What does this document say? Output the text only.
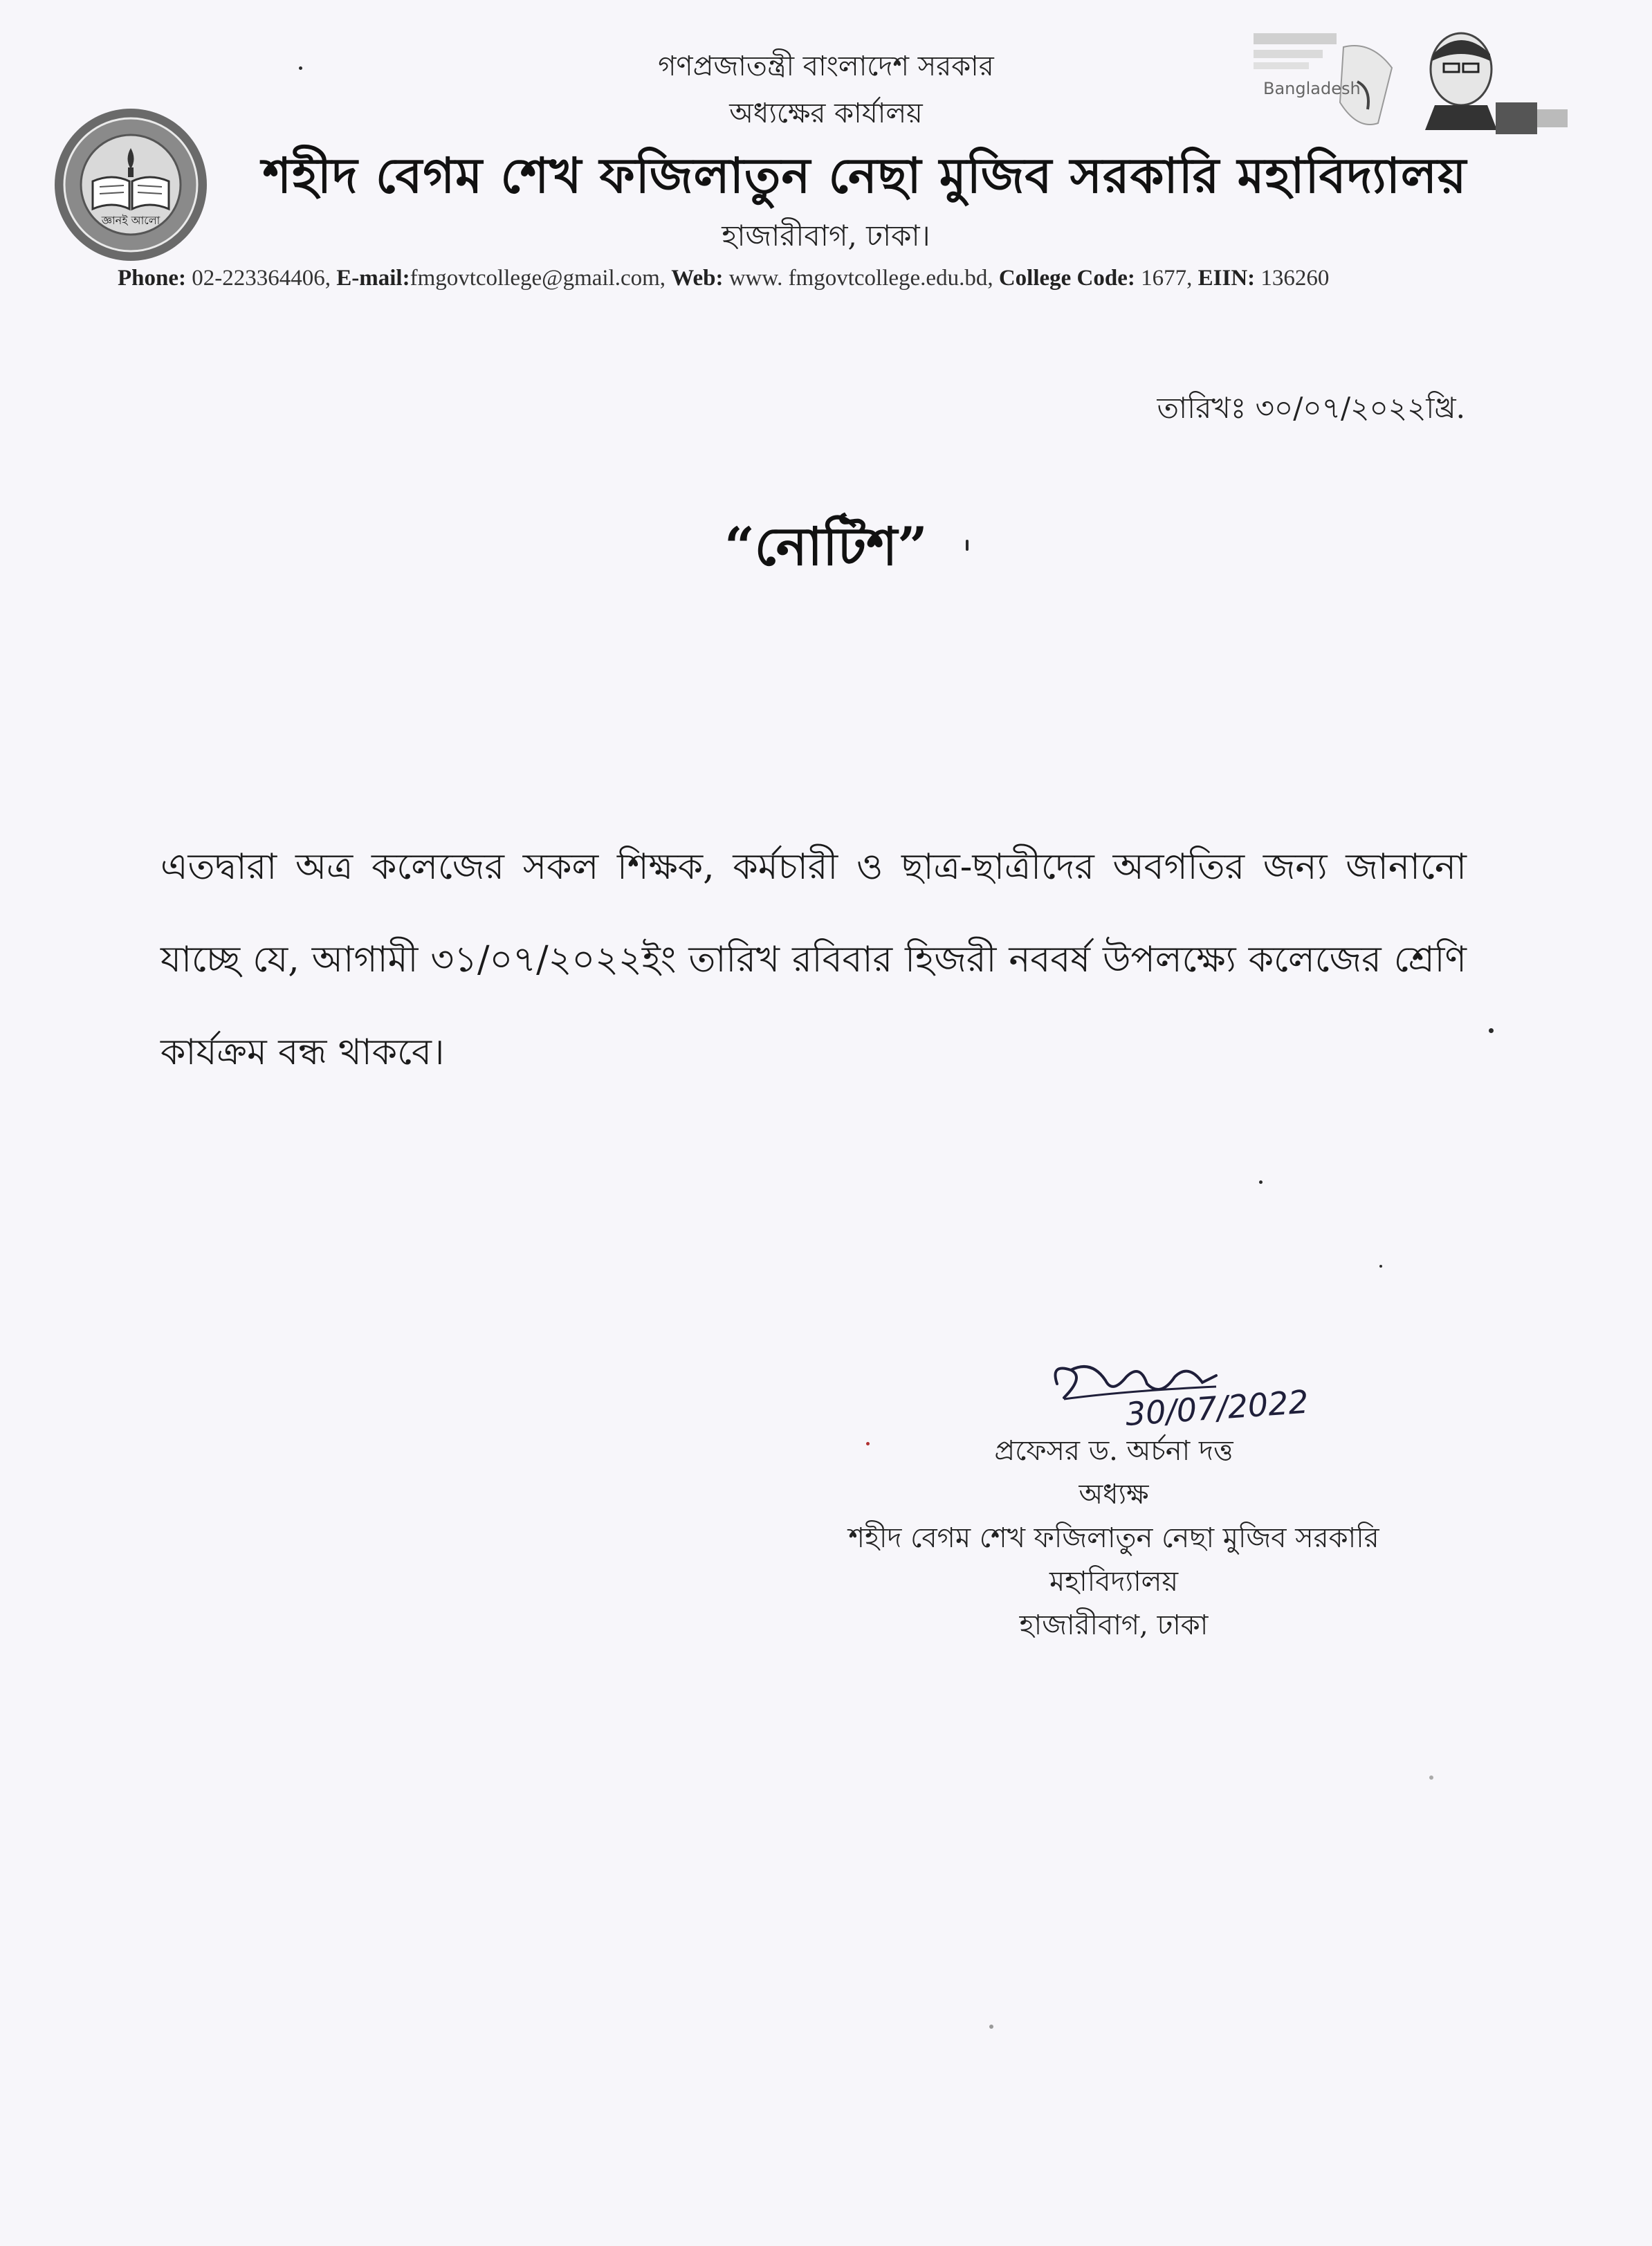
জ্ঞানই আলো
Bangladesh
গণপ্রজাতন্ত্রী বাংলাদেশ সরকার
অধ্যক্ষের কার্যালয়
শহীদ বেগম শেখ ফজিলাতুন নেছা মুজিব সরকারি মহাবিদ্যালয়
হাজারীবাগ, ঢাকা।
Phone: 02-223364406, E-mail:fmgovtcollege@gmail.com, Web: www. fmgovtcollege.edu.bd, College Code: 1677, EIIN: 136260
তারিখঃ ৩০/০৭/২০২২খ্রি.
“নোটিশ”
এতদ্বারা অত্র কলেজের সকল শিক্ষক, কর্মচারী ও ছাত্র-ছাত্রীদের অবগতির জন্য জানানো যাচ্ছে যে, আগামী ৩১/০৭/২০২২ইং তারিখ রবিবার হিজরী নববর্ষ উপলক্ষ্যে কলেজের শ্রেণি কার্যক্রম বন্ধ থাকবে।
30/07/2022
প্রফেসর ড. অর্চনা দত্ত
অধ্যক্ষ
শহীদ বেগম শেখ ফজিলাতুন নেছা মুজিব সরকারি
মহাবিদ্যালয়
হাজারীবাগ, ঢাকা
